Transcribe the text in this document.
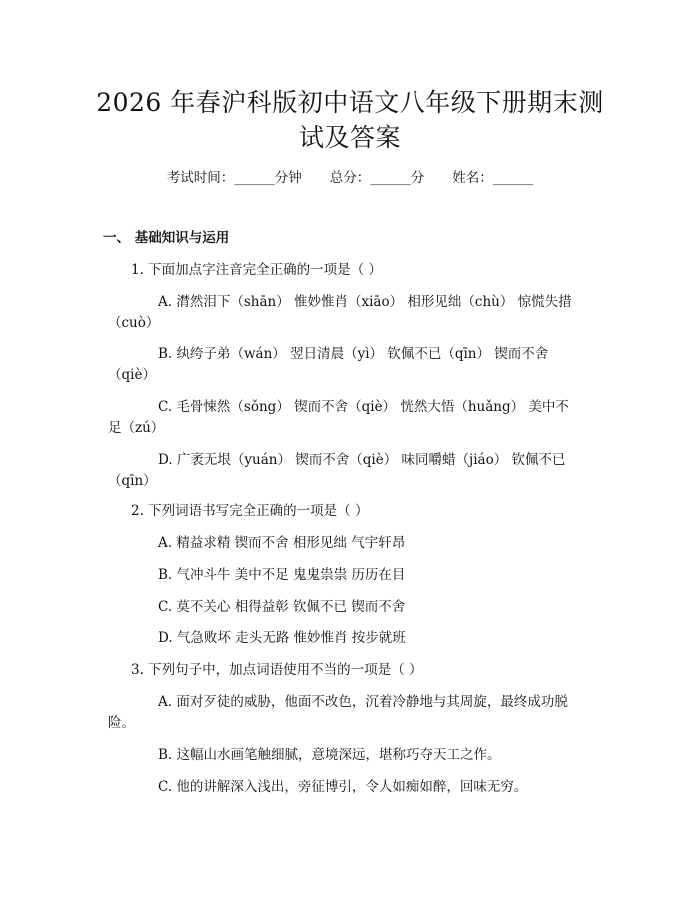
2026 年春沪科版初中语文八年级下册期末测
试及答案
考试时间：______分钟 总分：______分 姓名：______
一、 基础知识与运用
1. 下面加点字注音完全正确的一项是（ ）
A. 潸然泪下（shān） 惟妙惟肖（xiāo） 相形见绌（chù） 惊慌失措
（cuò）
B. 纨绔子弟（wán） 翌日清晨（yì） 钦佩不已（qīn） 锲而不舍
（qiè）
C. 毛骨悚然（sǒng） 锲而不舍（qiè） 恍然大悟（huǎng） 美中不
足（zú）
D. 广袤无垠（yuán） 锲而不舍（qiè） 味同嚼蜡（jiáo） 钦佩不已
（qīn）
2. 下列词语书写完全正确的一项是（ ）
A. 精益求精 锲而不舍 相形见绌 气宇轩昂
B. 气冲斗牛 美中不足 鬼鬼祟祟 历历在目
C. 莫不关心 相得益彰 钦佩不已 锲而不舍
D. 气急败坏 走头无路 惟妙惟肖 按步就班
3. 下列句子中，加点词语使用不当的一项是（ ）
A. 面对歹徒的威胁，他面不改色，沉着冷静地与其周旋，最终成功脱
险。
B. 这幅山水画笔触细腻，意境深远，堪称巧夺天工之作。
C. 他的讲解深入浅出，旁征博引，令人如痴如醉，回味无穷。
